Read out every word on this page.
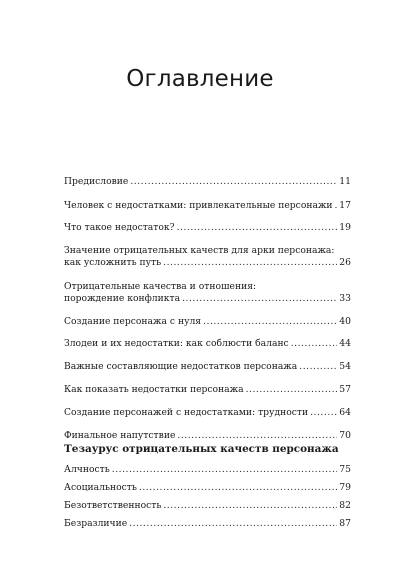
Оглавление
Предисловие . . .	11
Человек с недостатками: привлекательные персонажи . . . 17
Что такое недостаток? . . .	19
Значение отрицательных качеств для арки персонажа:
как усложнить путь . . .	26
Отрицательные качества и отношения:
порождение конфликта . . .	33
Создание персонажа с нуля . . .	40
Злодеи и их недостатки: как соблюсти баланс . . .	44
Важные составляющие недостатков персонажа . . .	54
Как показать недостатки персонажа . . .	57
Создание персонажей с недостатками: трудности . . .	64
Финальное напутствие . . .	70
Тезаурус отрицательных качеств персонажа
Алчность . . .	75
Асоциальность . . .	79
Безответственность . . .	82
Безразличие . . .	87
